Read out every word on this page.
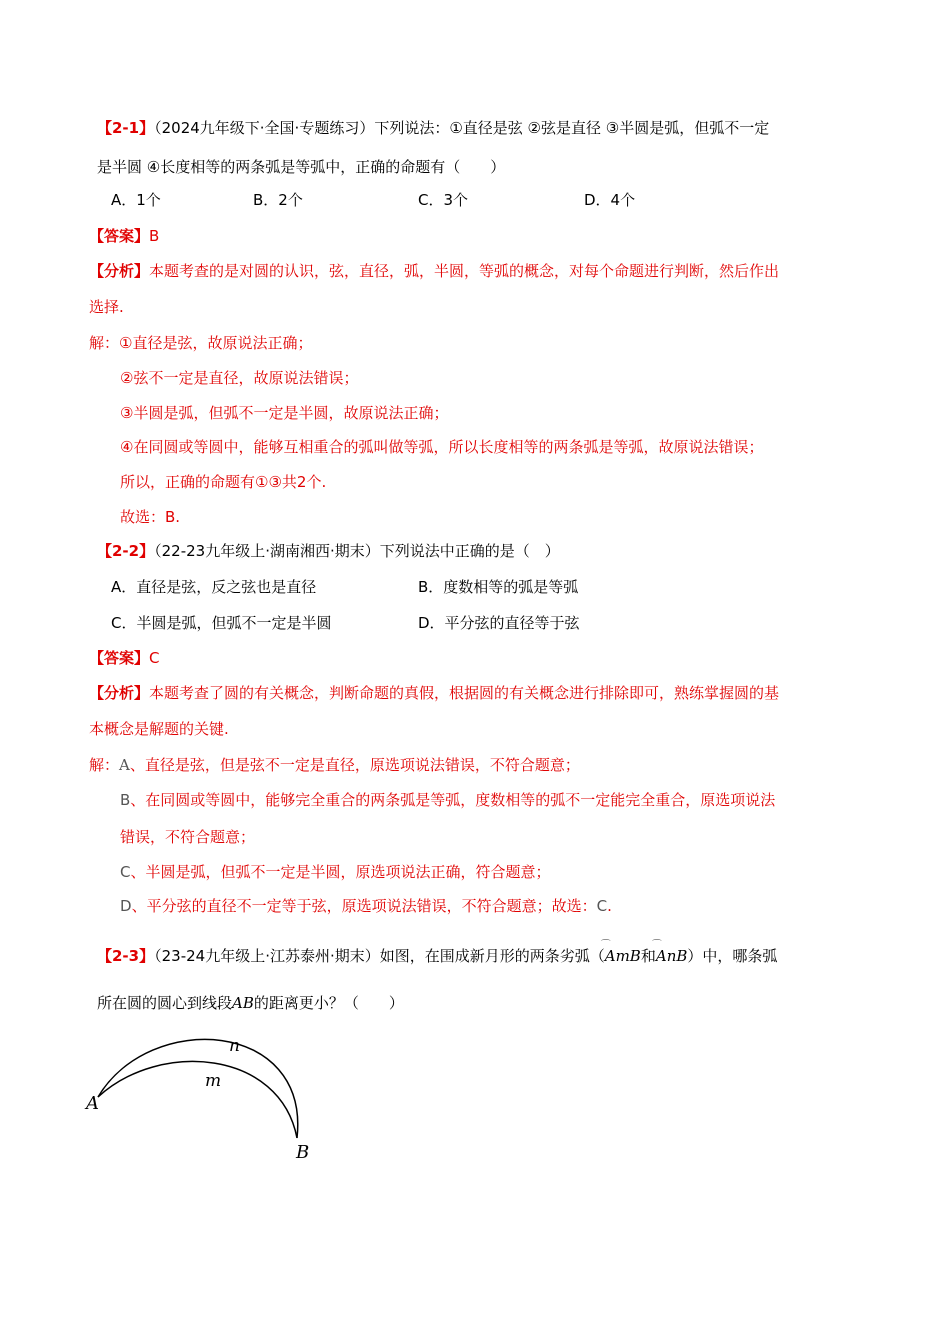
【2-1】（2024九年级下·全国·专题练习）下列说法：①直径是弦 ②弦是直径 ③半圆是弧，但弧不一定
是半圆 ④长度相等的两条弧是等弧中，正确的命题有（　　）
A．1个	B．2个	C．3个	D．4个
【答案】B
【分析】本题考查的是对圆的认识，弦，直径，弧，半圆，等弧的概念，对每个命题进行判断，然后作出
选择.
解：①直径是弦，故原说法正确；
②弦不一定是直径，故原说法错误；
③半圆是弧，但弧不一定是半圆，故原说法正确；
④在同圆或等圆中，能够互相重合的弧叫做等弧，所以长度相等的两条弧是等弧，故原说法错误；
所以，正确的命题有①③共2个.
故选：B.
【2-2】（22-23九年级上·湖南湘西·期末）下列说法中正确的是（　）
A．直径是弦，反之弦也是直径	B．度数相等的弧是等弧
C．半圆是弧，但弧不一定是半圆	D．平分弦的直径等于弦
【答案】C
【分析】本题考查了圆的有关概念，判断命题的真假，根据圆的有关概念进行排除即可，熟练掌握圆的基
本概念是解题的关键.
解：A、直径是弦，但是弦不一定是直径，原选项说法错误，不符合题意；
B、在同圆或等圆中，能够完全重合的两条弧是等弧，度数相等的弧不一定能完全重合，原选项说法
错误，不符合题意；
C、半圆是弧，但弧不一定是半圆，原选项说法正确，符合题意；
D、平分弦的直径不一定等于弦，原选项说法错误，不符合题意；故选：C.
【2-3】（23-24九年级上·江苏泰州·期末）如图，在围成新月形的两条劣弧（
⌒
AmB和
⌒
AnB）中，哪条弧
所在圆的圆心到线段AB的距离更小？（　　）
n
m
A
B
